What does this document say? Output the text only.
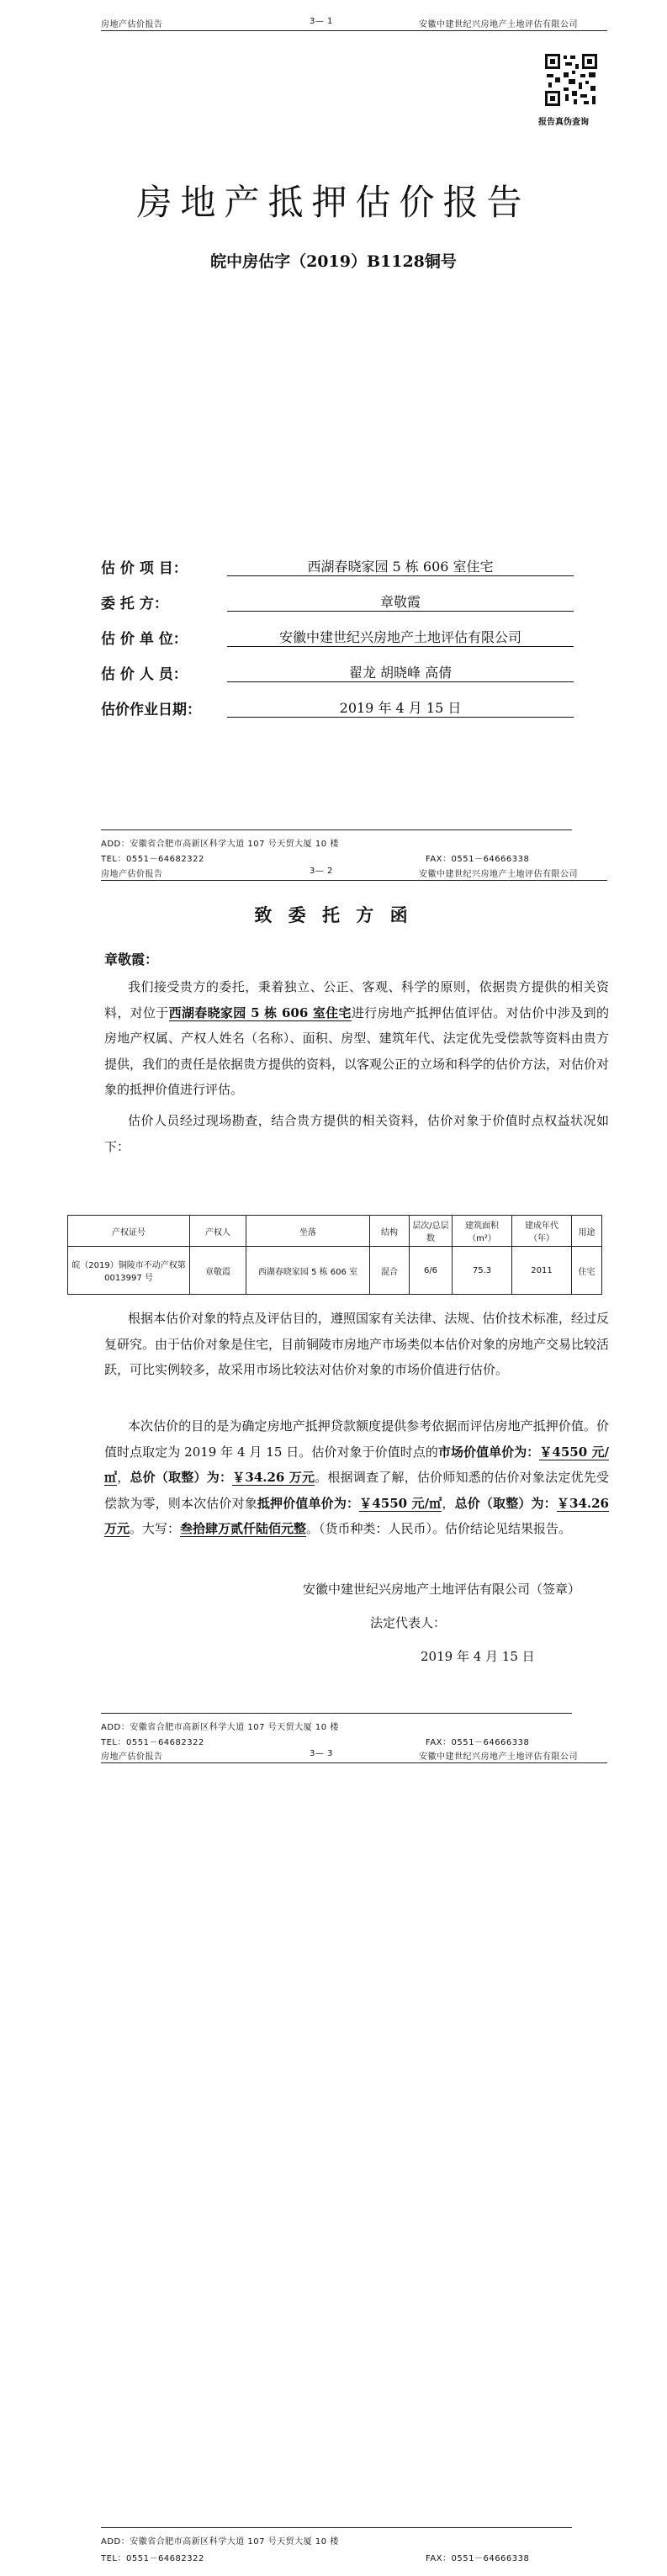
房地产估价报告	3— 1	安徽中建世纪兴房地产土地评估有限公司
报告真伪查询
房地产抵押估价报告
皖中房估字（2019）B1128铜号
估 价 项 目：	西湖春晓家园 5 栋 606 室住宅
委 托 方：	章敬霞
估 价 单 位：	安徽中建世纪兴房地产土地评估有限公司
估 价 人 员：	翟龙 胡晓峰 高倩
估价作业日期：	2019 年 4 月 15 日
ADD：安徽省合肥市高新区科学大道 107 号天贸大厦 10 楼
TEL：0551－64682322	FAX：0551－64666338
房地产估价报告	3— 2	安徽中建世纪兴房地产土地评估有限公司
致 委 托 方 函
章敬霞：
我们接受贵方的委托，秉着独立、公正、客观、科学的原则，依据贵方提供的相关资料，对位于西湖春晓家园 5 栋 606 室住宅进行房地产抵押估值评估。对估价中涉及到的房地产权属、产权人姓名（名称）、面积、房型、建筑年代、法定优先受偿款等资料由贵方提供，我们的责任是依据贵方提供的资料，以客观公正的立场和科学的估价方法，对估价对象的抵押价值进行评估。
估价人员经过现场勘查，结合贵方提供的相关资料，估价对象于价值时点权益状况如下：
产权证号	产权人	坐落	结构	层次/总层数	建筑面积（m²）	建成年代（年）	用途
皖（2019）铜陵市不动产权第 0013997 号	章敬霞	西湖春晓家园 5 栋 606 室	混合	6/6	75.3	2011	住宅
根据本估价对象的特点及评估目的，遵照国家有关法律、法规、估价技术标准，经过反复研究。由于估价对象是住宅，目前铜陵市房地产市场类似本估价对象的房地产交易比较活跃，可比实例较多，故采用市场比较法对估价对象的市场价值进行估价。
本次估价的目的是为确定房地产抵押贷款额度提供参考依据而评估房地产抵押价值。价值时点取定为 2019 年 4 月 15 日。估价对象于价值时点的市场价值单价为：￥4550 元/㎡，总价（取整）为：￥34.26 万元。根据调查了解，估价师知悉的估价对象法定优先受偿款为零，则本次估价对象抵押价值单价为：￥4550 元/㎡，总价（取整）为：￥34.26 万元。大写：叁拾肆万贰仟陆佰元整。（货币种类：人民币）。估价结论见结果报告。
安徽中建世纪兴房地产土地评估有限公司（签章）
法定代表人：
2019 年 4 月 15 日
ADD：安徽省合肥市高新区科学大道 107 号天贸大厦 10 楼
TEL：0551－64682322	FAX：0551－64666338
房地产估价报告	3— 3	安徽中建世纪兴房地产土地评估有限公司
ADD：安徽省合肥市高新区科学大道 107 号天贸大厦 10 楼
TEL：0551－64682322	FAX：0551－64666338
